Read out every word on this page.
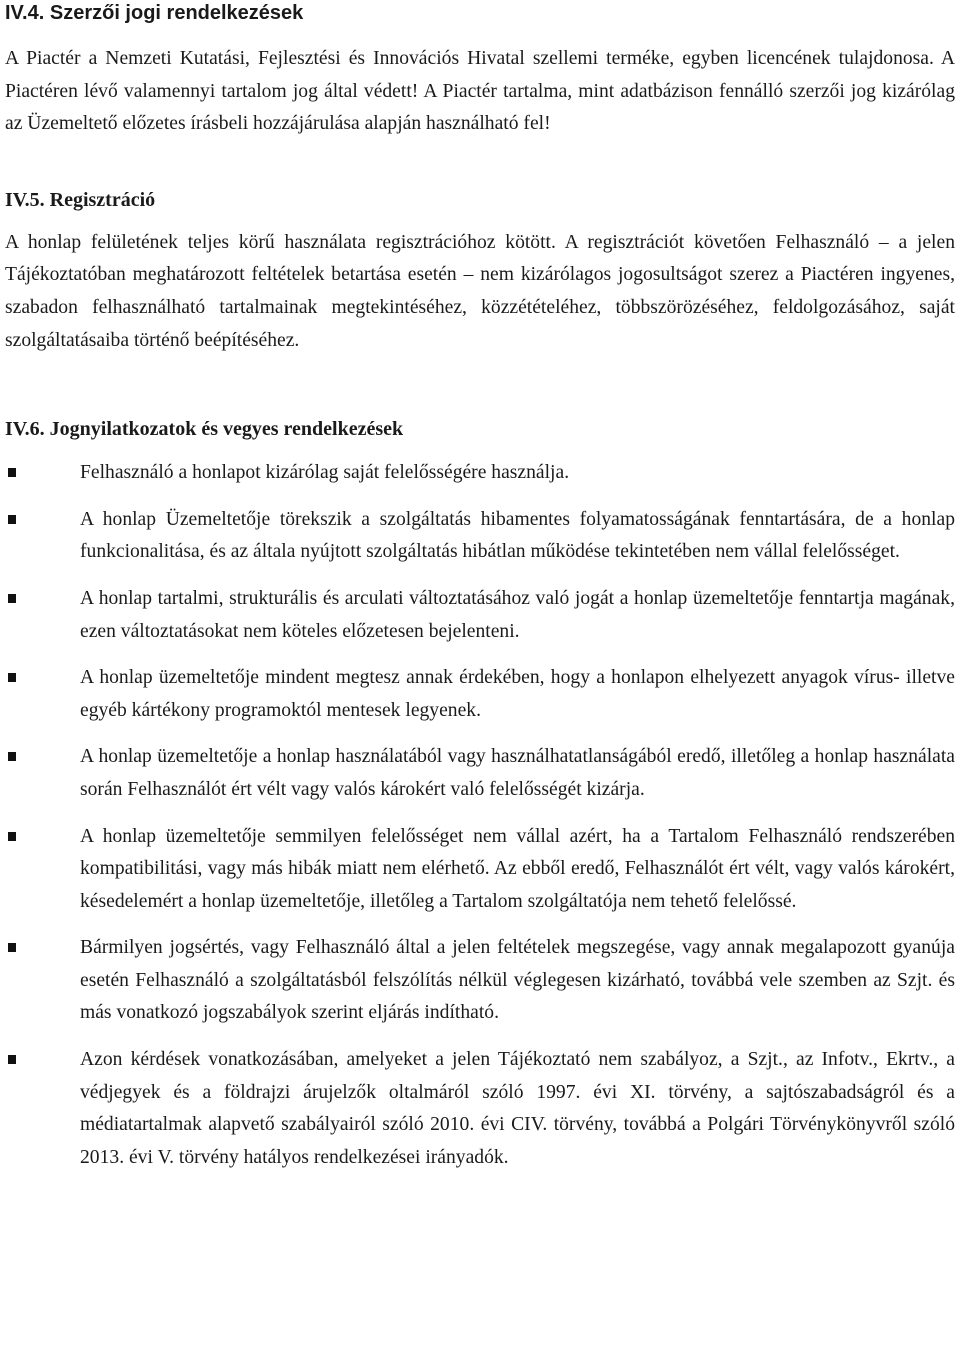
IV.4. Szerzői jogi rendelkezések

A Piactér a Nemzeti Kutatási, Fejlesztési és Innovációs Hivatal szellemi terméke, egyben licencének tulajdonosa. A Piactéren lévő valamennyi tartalom jog által védett! A Piactér tartalma, mint adatbázison fennálló szerzői jog kizárólag az Üzemeltető előzetes írásbeli hozzájárulása alapján használható fel!

IV.5. Regisztráció

A honlap felületének teljes körű használata regisztrációhoz kötött. A regisztrációt követően Felhasználó – a jelen Tájékoztatóban meghatározott feltételek betartása esetén – nem kizárólagos jogosultságot szerez a Piactéren ingyenes, szabadon felhasználható tartalmainak megtekintéséhez, közzétételéhez, többszörözéséhez, feldolgozásához, saját szolgáltatásaiba történő beépítéséhez.

IV.6. Jognyilatkozatok és vegyes rendelkezések
Felhasználó a honlapot kizárólag saját felelősségére használja.
A honlap Üzemeltetője törekszik a szolgáltatás hibamentes folyamatosságának fenntartására, de a honlap funkcionalitása, és az általa nyújtott szolgáltatás hibátlan működése tekintetében nem vállal felelősséget.
A honlap tartalmi, strukturális és arculati változtatásához való jogát a honlap üzemeltetője fenntartja magának, ezen változtatásokat nem köteles előzetesen bejelenteni.
A honlap üzemeltetője mindent megtesz annak érdekében, hogy a honlapon elhelyezett anyagok vírus- illetve egyéb kártékony programoktól mentesek legyenek.
A honlap üzemeltetője a honlap használatából vagy használhatatlanságából eredő, illetőleg a honlap használata során Felhasználót ért vélt vagy valós károkért való felelősségét kizárja.
A honlap üzemeltetője semmilyen felelősséget nem vállal azért, ha a Tartalom Felhasználó rendszerében kompatibilitási, vagy más hibák miatt nem elérhető. Az ebből eredő, Felhasználót ért vélt, vagy valós károkért, késedelemért a honlap üzemeltetője, illetőleg a Tartalom szolgáltatója nem tehető felelőssé.
Bármilyen jogsértés, vagy Felhasználó által a jelen feltételek megszegése, vagy annak megalapozott gyanúja esetén Felhasználó a szolgáltatásból felszólítás nélkül véglegesen kizárható, továbbá vele szemben az Szjt. és más vonatkozó jogszabályok szerint eljárás indítható.
Azon kérdések vonatkozásában, amelyeket a jelen Tájékoztató nem szabályoz, a Szjt., az Infotv., Ekrtv., a védjegyek és a földrajzi árujelzők oltalmáról szóló 1997. évi XI. törvény, a sajtószabadságról és a médiatartalmak alapvető szabályairól szóló 2010. évi CIV. törvény, továbbá a Polgári Törvénykönyvről szóló 2013. évi V. törvény hatályos rendelkezései irányadók.
